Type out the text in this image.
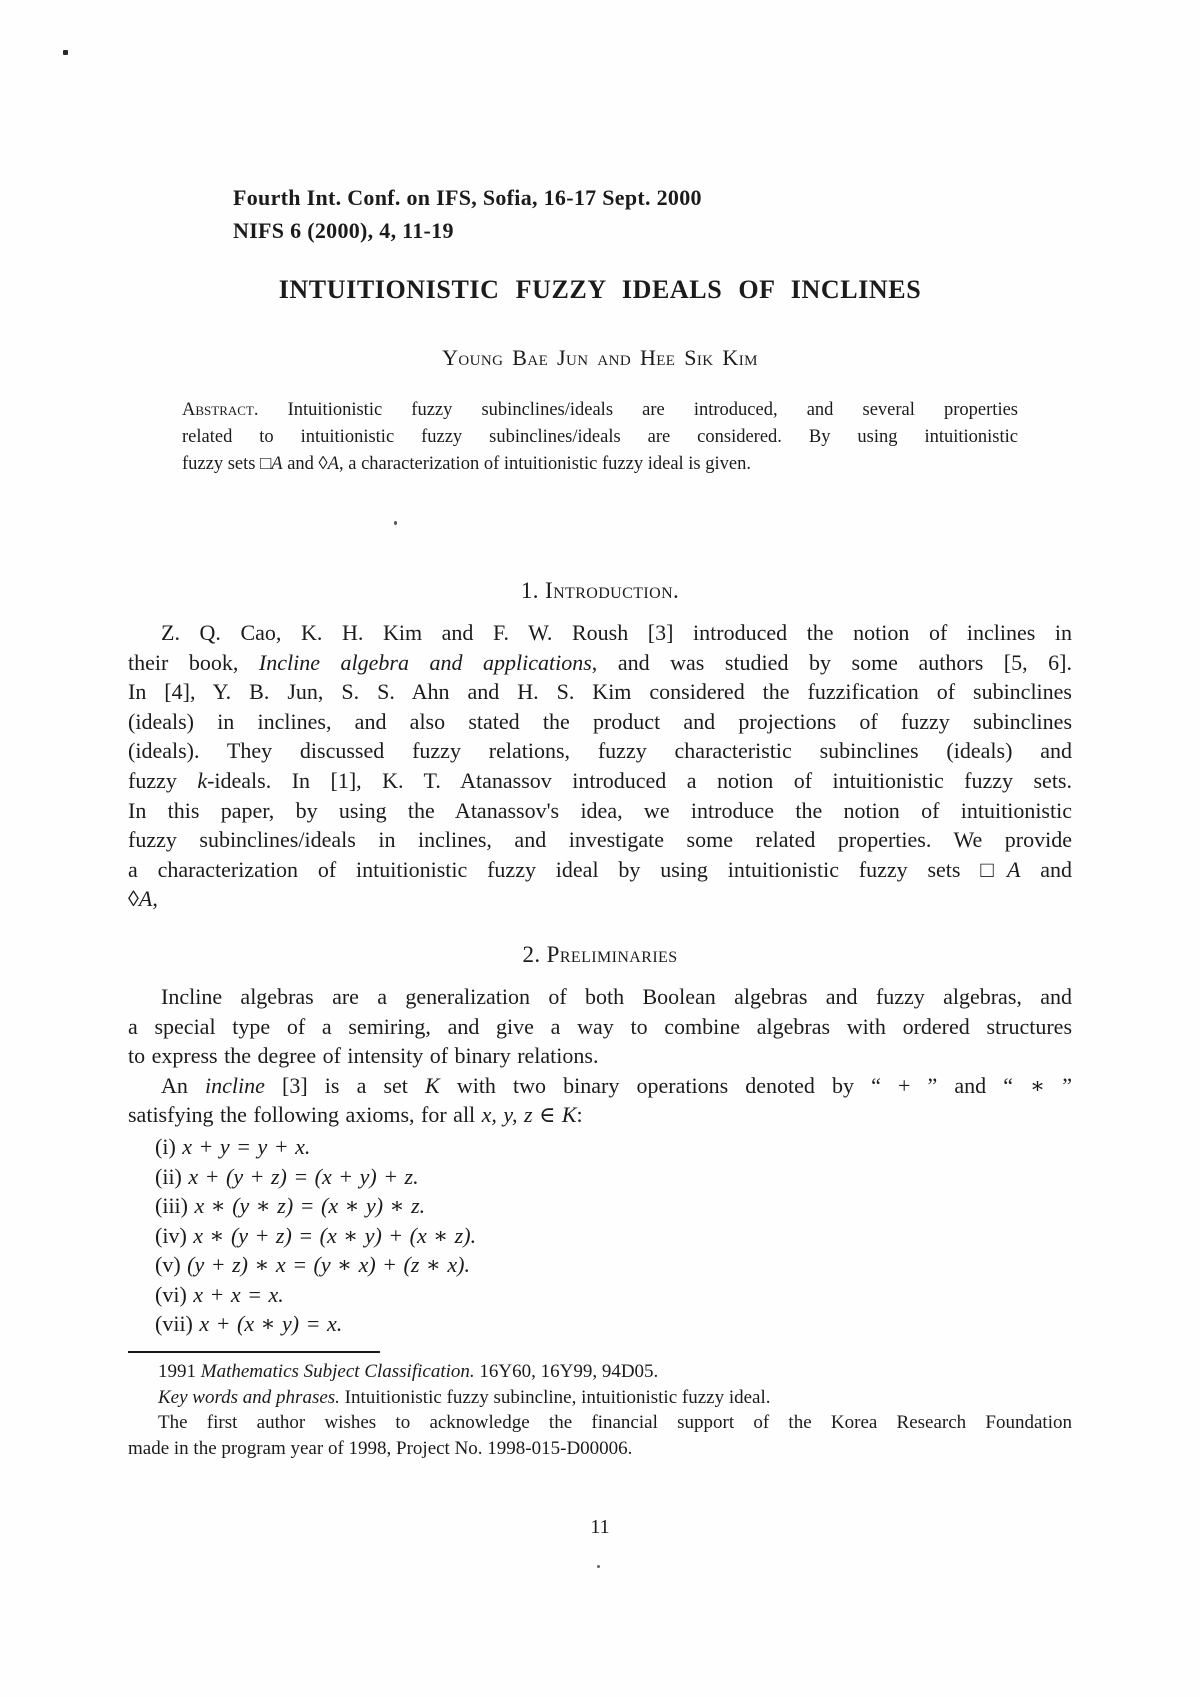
Fourth Int. Conf. on IFS, Sofia, 16-17 Sept. 2000
NIFS 6 (2000), 4, 11-19
INTUITIONISTIC FUZZY IDEALS OF INCLINES
Young Bae Jun and Hee Sik Kim
Abstract. Intuitionistic fuzzy subinclines/ideals are introduced, and several properties
related to intuitionistic fuzzy subinclines/ideals are considered. By using intuitionistic
fuzzy sets □A and ◊A, a characterization of intuitionistic fuzzy ideal is given.
1. Introduction.
Z. Q. Cao, K. H. Kim and F. W. Roush [3] introduced the notion of inclines in
their book, Incline algebra and applications, and was studied by some authors [5, 6].
In [4], Y. B. Jun, S. S. Ahn and H. S. Kim considered the fuzzification of subinclines
(ideals) in inclines, and also stated the product and projections of fuzzy subinclines
(ideals). They discussed fuzzy relations, fuzzy characteristic subinclines (ideals) and
fuzzy k-ideals. In [1], K. T. Atanassov introduced a notion of intuitionistic fuzzy sets.
In this paper, by using the Atanassov's idea, we introduce the notion of intuitionistic
fuzzy subinclines/ideals in inclines, and investigate some related properties. We provide
a characterization of intuitionistic fuzzy ideal by using intuitionistic fuzzy sets □A and
◊A,
2. Preliminaries
Incline algebras are a generalization of both Boolean algebras and fuzzy algebras, and
a special type of a semiring, and give a way to combine algebras with ordered structures
to express the degree of intensity of binary relations.
An incline [3] is a set K with two binary operations denoted by “ + ” and “ ∗ ”
satisfying the following axioms, for all x, y, z ∈ K:
(i) x + y = y + x.
(ii) x + (y + z) = (x + y) + z.
(iii) x ∗ (y ∗ z) = (x ∗ y) ∗ z.
(iv) x ∗ (y + z) = (x ∗ y) + (x ∗ z).
(v) (y + z) ∗ x = (y ∗ x) + (z ∗ x).
(vi) x + x = x.
(vii) x + (x ∗ y) = x.
1991 Mathematics Subject Classification. 16Y60, 16Y99, 94D05.
Key words and phrases. Intuitionistic fuzzy subincline, intuitionistic fuzzy ideal.
The first author wishes to acknowledge the financial support of the Korea Research Foundation
made in the program year of 1998, Project No. 1998-015-D00006.
11
